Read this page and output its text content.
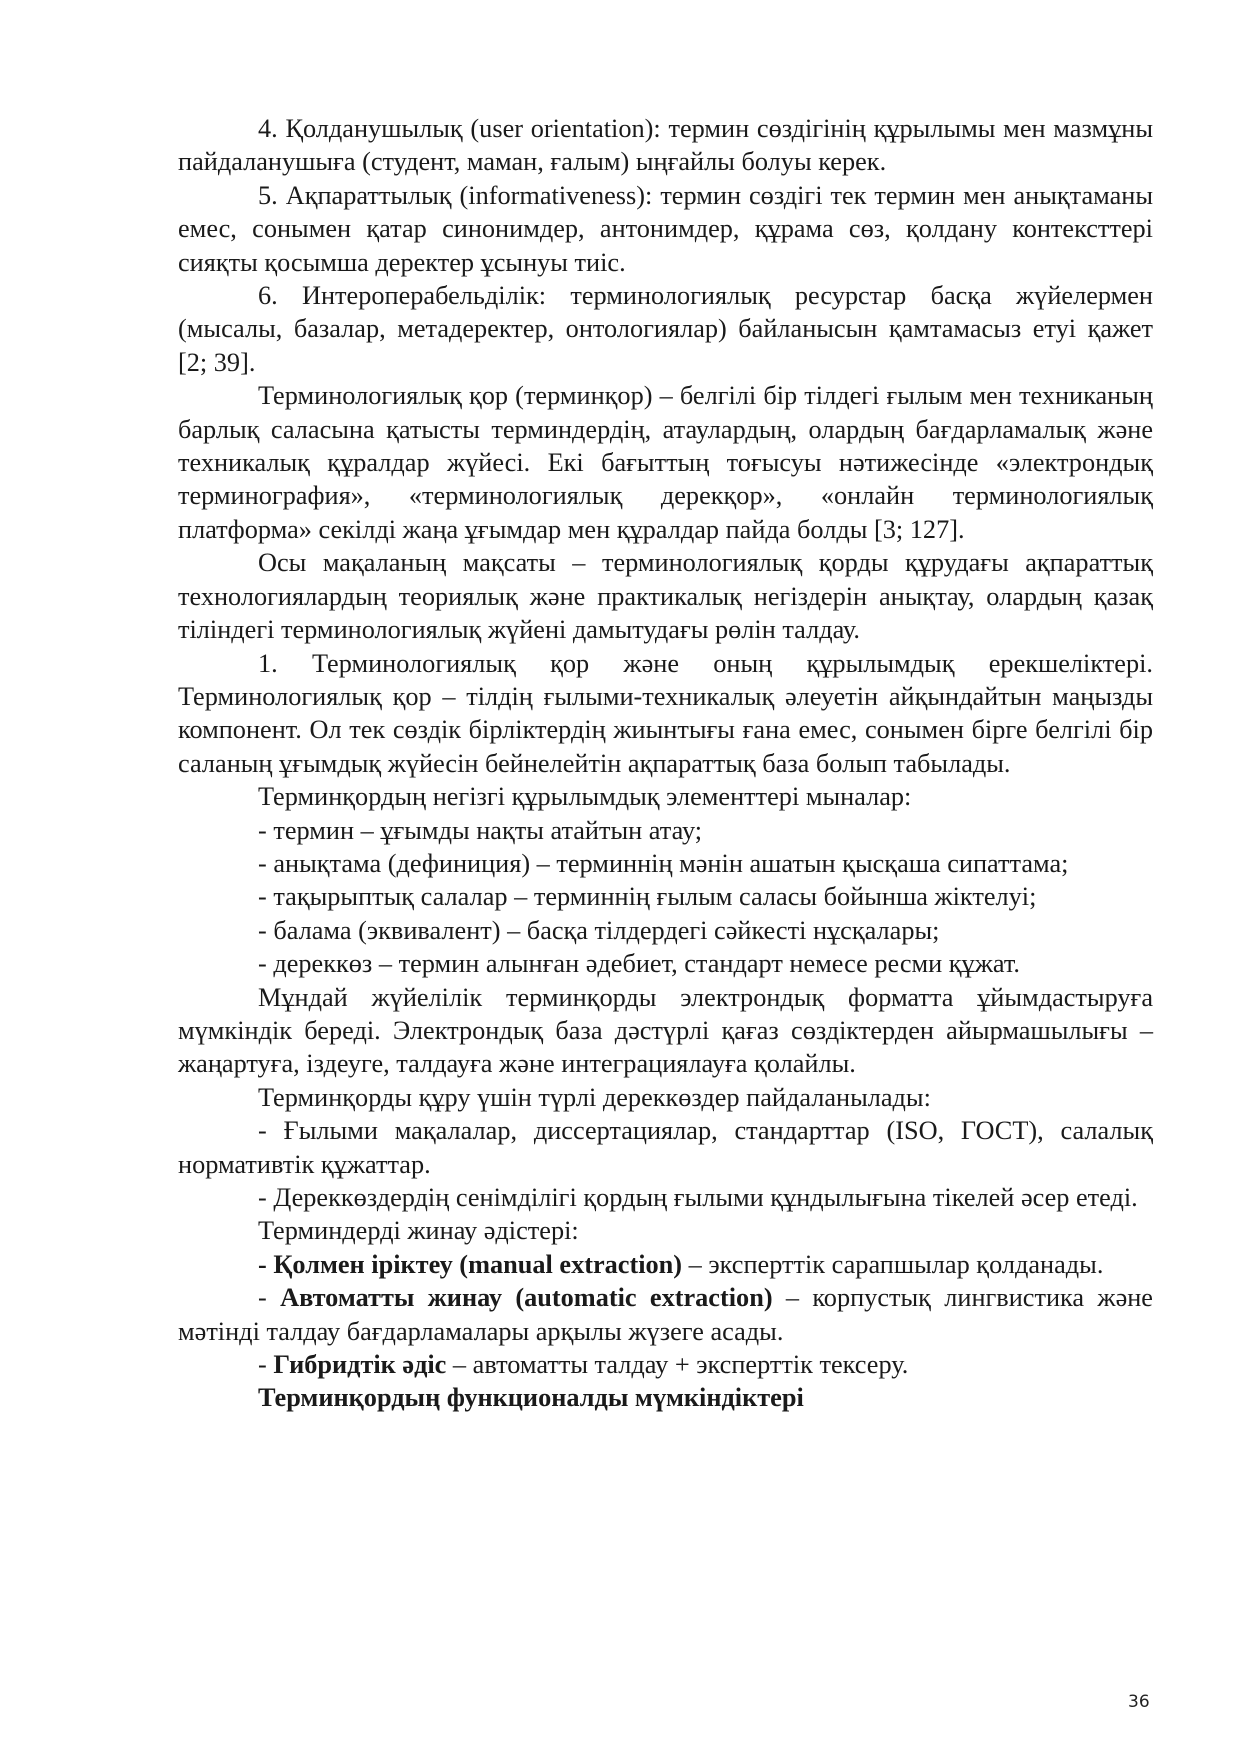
4. Қолданушылық (user orientation): термин сөздігінің құрылымы мен мазмұны пайдаланушыға (студент, маман, ғалым) ыңғайлы болуы керек.

5. Ақпараттылық (informativeness): термин сөздігі тек термин мен анықтаманы емес, сонымен қатар синонимдер, антонимдер, құрама сөз, қолдану контексттері сияқты қосымша деректер ұсынуы тиіс.

6. Интероперабельділік: терминологиялық ресурстар басқа жүйелермен (мысалы, базалар, метадеректер, онтологиялар) байланысын қамтамасыз етуі қажет [2; 39].

Терминологиялық қор (терминқор) – белгілі бір тілдегі ғылым мен техниканың барлық саласына қатысты терминдердің, атаулардың, олардың бағдарламалық және техникалық құралдар жүйесі. Екі бағыттың тоғысуы нәтижесінде «электрондық терминография», «терминологиялық дерекқор», «онлайн терминологиялық платформа» секілді жаңа ұғымдар мен құралдар пайда болды [3; 127].

Осы мақаланың мақсаты – терминологиялық қорды құрудағы ақпараттық технологиялардың теориялық және практикалық негіздерін анықтау, олардың қазақ тіліндегі терминологиялық жүйені дамытудағы рөлін талдау.

1. Терминологиялық қор және оның құрылымдық ерекшеліктері. Терминологиялық қор – тілдің ғылыми-техникалық әлеуетін айқындайтын маңызды компонент. Ол тек сөздік бірліктердің жиынтығы ғана емес, сонымен бірге белгілі бір саланың ұғымдық жүйесін бейнелейтін ақпараттық база болып табылады.

Терминқордың негізгі құрылымдық элементтері мыналар:

- термин – ұғымды нақты атайтын атау;

- анықтама (дефиниция) – терминнің мәнін ашатын қысқаша сипаттама;

- тақырыптық салалар – терминнің ғылым саласы бойынша жіктелуі;

- балама (эквивалент) – басқа тілдердегі сәйкесті нұсқалары;

- дереккөз – термин алынған әдебиет, стандарт немесе ресми құжат.

Мұндай жүйелілік терминқорды электрондық форматта ұйымдастыруға мүмкіндік береді. Электрондық база дәстүрлі қағаз сөздіктерден айырмашылығы – жаңартуға, іздеуге, талдауға және интеграциялауға қолайлы.

Терминқорды құру үшін түрлі дереккөздер пайдаланылады:

- Ғылыми мақалалар, диссертациялар, стандарттар (ISO, ГОСТ), салалық нормативтік құжаттар.

- Дереккөздердің сенімділігі қордың ғылыми құндылығына тікелей әсер етеді.

Терминдерді жинау әдістері:

- Қолмен іріктеу (manual extraction) – эксперттік сарапшылар қолданады.

- Автоматты жинау (automatic extraction) – корпустық лингвистика және мәтінді талдау бағдарламалары арқылы жүзеге асады.

- Гибридтік әдіс – автоматты талдау + эксперттік тексеру.

Терминқордың функционалды мүмкіндіктері

36
